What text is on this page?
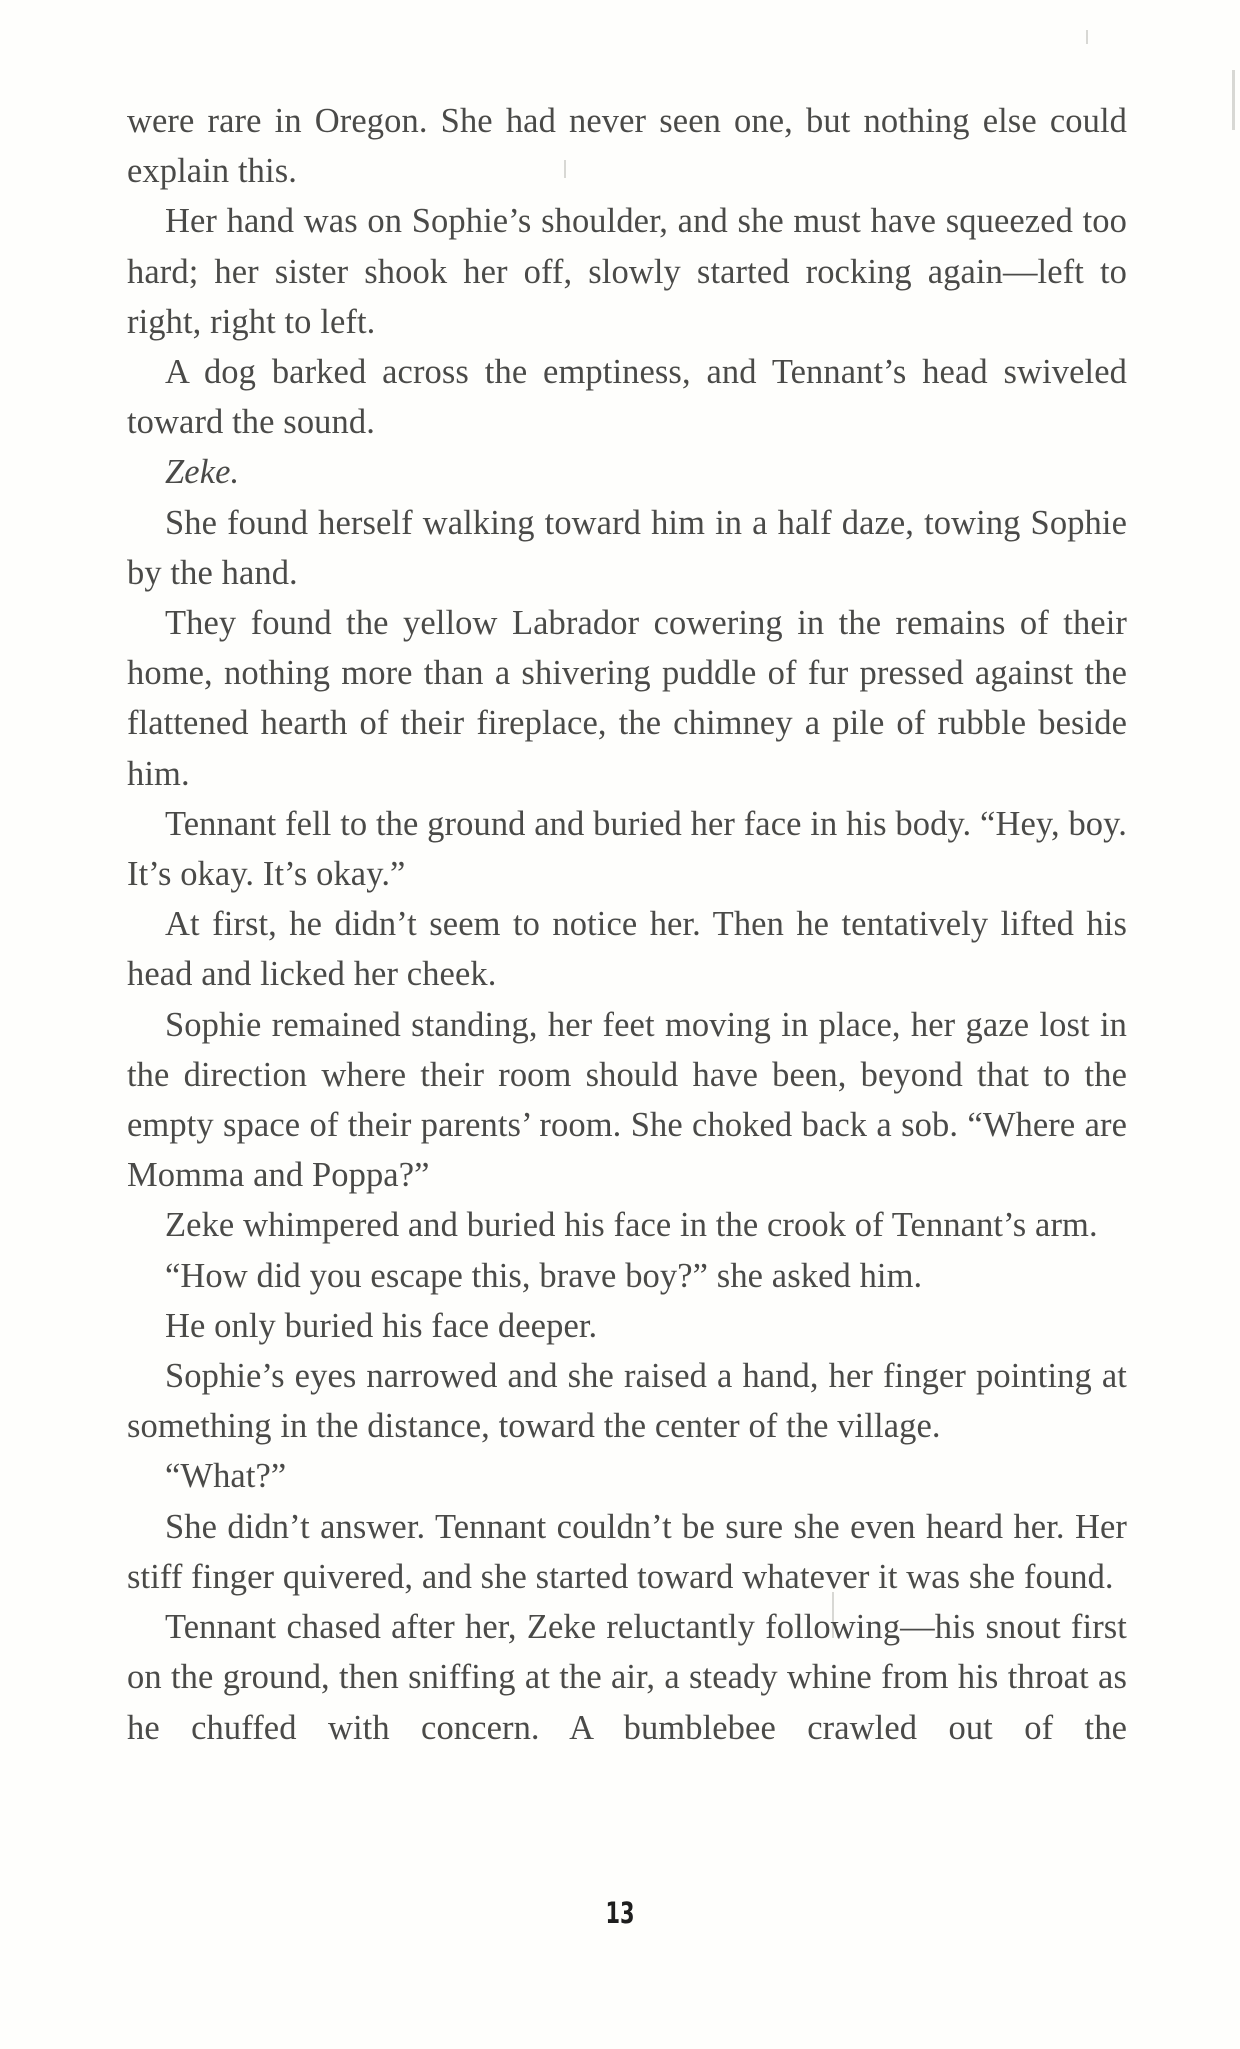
were rare in Oregon. She had never seen one, but nothing else could explain this.

Her hand was on Sophie’s shoulder, and she must have squeezed too hard; her sister shook her off, slowly started rocking again—left to right, right to left.

A dog barked across the emptiness, and Tennant’s head swiveled toward the sound.

Zeke.

She found herself walking toward him in a half daze, towing Sophie by the hand.

They found the yellow Labrador cowering in the remains of their home, nothing more than a shivering puddle of fur pressed against the flattened hearth of their fireplace, the chimney a pile of rubble beside him.

Tennant fell to the ground and buried her face in his body. “Hey, boy. It’s okay. It’s okay.”

At first, he didn’t seem to notice her. Then he tentatively lifted his head and licked her cheek.

Sophie remained standing, her feet moving in place, her gaze lost in the direction where their room should have been, beyond that to the empty space of their parents’ room. She choked back a sob. “Where are Momma and Poppa?”

Zeke whimpered and buried his face in the crook of Tennant’s arm.

“How did you escape this, brave boy?” she asked him.

He only buried his face deeper.

Sophie’s eyes narrowed and she raised a hand, her finger pointing at something in the distance, toward the center of the village.

“What?”

She didn’t answer. Tennant couldn’t be sure she even heard her. Her stiff finger quivered, and she started toward whatever it was she found.

Tennant chased after her, Zeke reluctantly following—his snout first on the ground, then sniffing at the air, a steady whine from his throat as he chuffed with concern. A bumblebee crawled out of the

13
